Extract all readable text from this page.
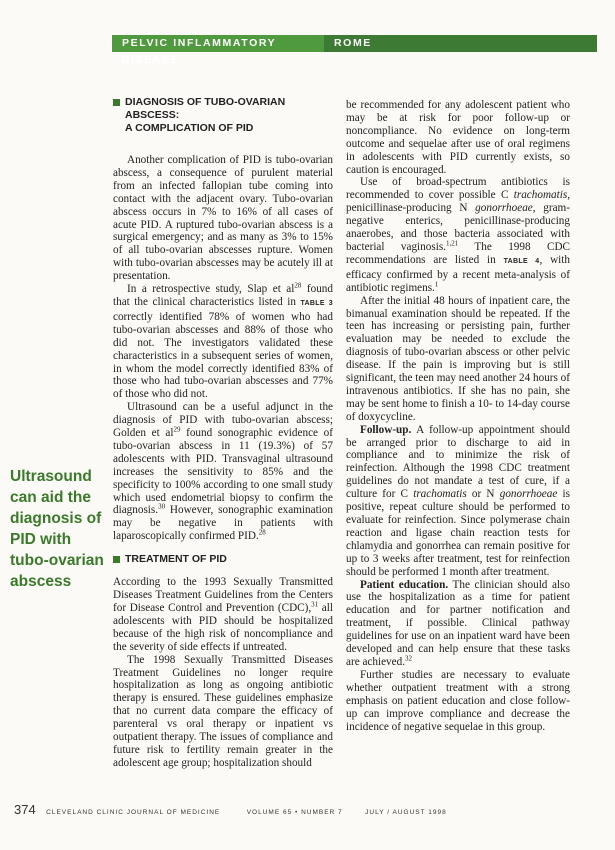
PELVIC INFLAMMATORY DISEASE
ROME
Ultrasound
can aid the
diagnosis of
PID with
tubo-ovarian
abscess
DIAGNOSIS OF TUBO-OVARIAN ABSCESS:
A COMPLICATION OF PID

Another complication of PID is tubo-ovarian abscess, a consequence of purulent material from an infected fallopian tube coming into contact with the adjacent ovary. Tubo-ovarian abscess occurs in 7% to 16% of all cases of acute PID. A ruptured tubo-ovarian abscess is a surgical emergency; and as many as 3% to 15% of all tubo-ovarian abscesses rupture. Women with tubo-ovarian abscesses may be acutely ill at presentation.

In a retrospective study, Slap et $al^{28}$ found that the clinical characteristics listed in TABLE 3 correctly identified 78% of women who had tubo-ovarian abscesses and 88% of those who did not. The investigators validated these characteristics in a subsequent series of women, in whom the model correctly identified 83% of those who had tubo-ovarian abscesses and 77% of those who did not.

Ultrasound can be a useful adjunct in the diagnosis of PID with tubo-ovarian abscess; Golden et $al^{29}$ found sonographic evidence of tubo-ovarian abscess in 11 (19.3%) of 57 adolescents with PID. Transvaginal ultrasound increases the sensitivity to 85% and the specificity to 100% according to one small study which used endometrial biopsy to confirm the diagnosis.$^{30}$ However, sonographic examination may be negative in patients with laparoscopically confirmed PID.$^{28}$

TREATMENT OF PID

According to the 1993 Sexually Transmitted Diseases Treatment Guidelines from the Centers for Disease Control and Prevention (CDC),$^{31}$ all adolescents with PID should be hospitalized because of the high risk of noncompliance and the severity of side effects if untreated.

The 1998 Sexually Transmitted Diseases Treatment Guidelines no longer require hospitalization as long as ongoing antibiotic therapy is ensured. These guidelines emphasize that no current data compare the efficacy of parenteral vs oral therapy or inpatient vs outpatient therapy. The issues of compliance and future risk to fertility remain greater in the adolescent age group; hospitalization should

be recommended for any adolescent patient who may be at risk for poor follow-up or noncompliance. No evidence on long-term outcome and sequelae after use of oral regimens in adolescents with PID currently exists, so caution is encouraged.

Use of broad-spectrum antibiotics is recommended to cover possible C trachomatis, penicillinase-producing N gonorrhoeae, gram-negative enterics, penicillinase-producing anaerobes, and those bacteria associated with bacterial vaginosis.$^{1,21}$ The 1998 CDC recommendations are listed in TABLE 4, with efficacy confirmed by a recent meta-analysis of antibiotic regimens.$^1$

After the initial 48 hours of inpatient care, the bimanual examination should be repeated. If the teen has increasing or persisting pain, further evaluation may be needed to exclude the diagnosis of tubo-ovarian abscess or other pelvic disease. If the pain is improving but is still significant, the teen may need another 24 hours of intravenous antibiotics. If she has no pain, she may be sent home to finish a 10- to 14-day course of doxycycline.

Follow-up. A follow-up appointment should be arranged prior to discharge to aid in compliance and to minimize the risk of reinfection. Although the 1998 CDC treatment guidelines do not mandate a test of cure, if a culture for C trachomatis or N gonorrhoeae is positive, repeat culture should be performed to evaluate for reinfection. Since polymerase chain reaction and ligase chain reaction tests for chlamydia and gonorrhea can remain positive for up to 3 weeks after treatment, test for reinfection should be performed 1 month after treatment.

Patient education. The clinician should also use the hospitalization as a time for patient education and for partner notification and treatment, if possible. Clinical pathway guidelines for use on an inpatient ward have been developed and can help ensure that these tasks are achieved.$^{32}$

Further studies are necessary to evaluate whether outpatient treatment with a strong emphasis on patient education and close follow-up can improve compliance and decrease the incidence of negative sequelae in this group.

374 CLEVELAND CLINIC JOURNAL OF MEDICINE	VOLUME 65 • NUMBER 7	JULY / AUGUST 1998
